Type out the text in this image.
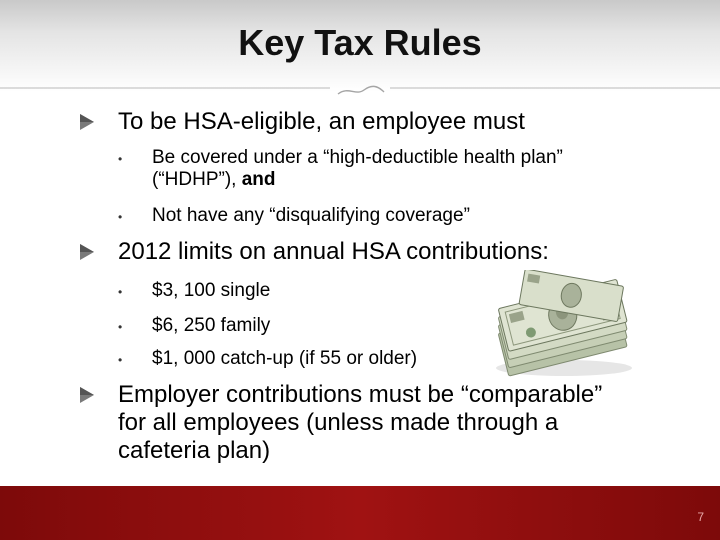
Key Tax Rules
To be HSA-eligible, an employee must
• Be covered under a “high-deductible health plan”
(“HDHP”), and
• Not have any “disqualifying coverage”
2012 limits on annual HSA contributions:
• $3, 100 single
• $6, 250 family
• $1, 000 catch-up (if 55 or older)
Employer contributions must be “comparable”
for all employees (unless made through a
cafeteria plan)
7
